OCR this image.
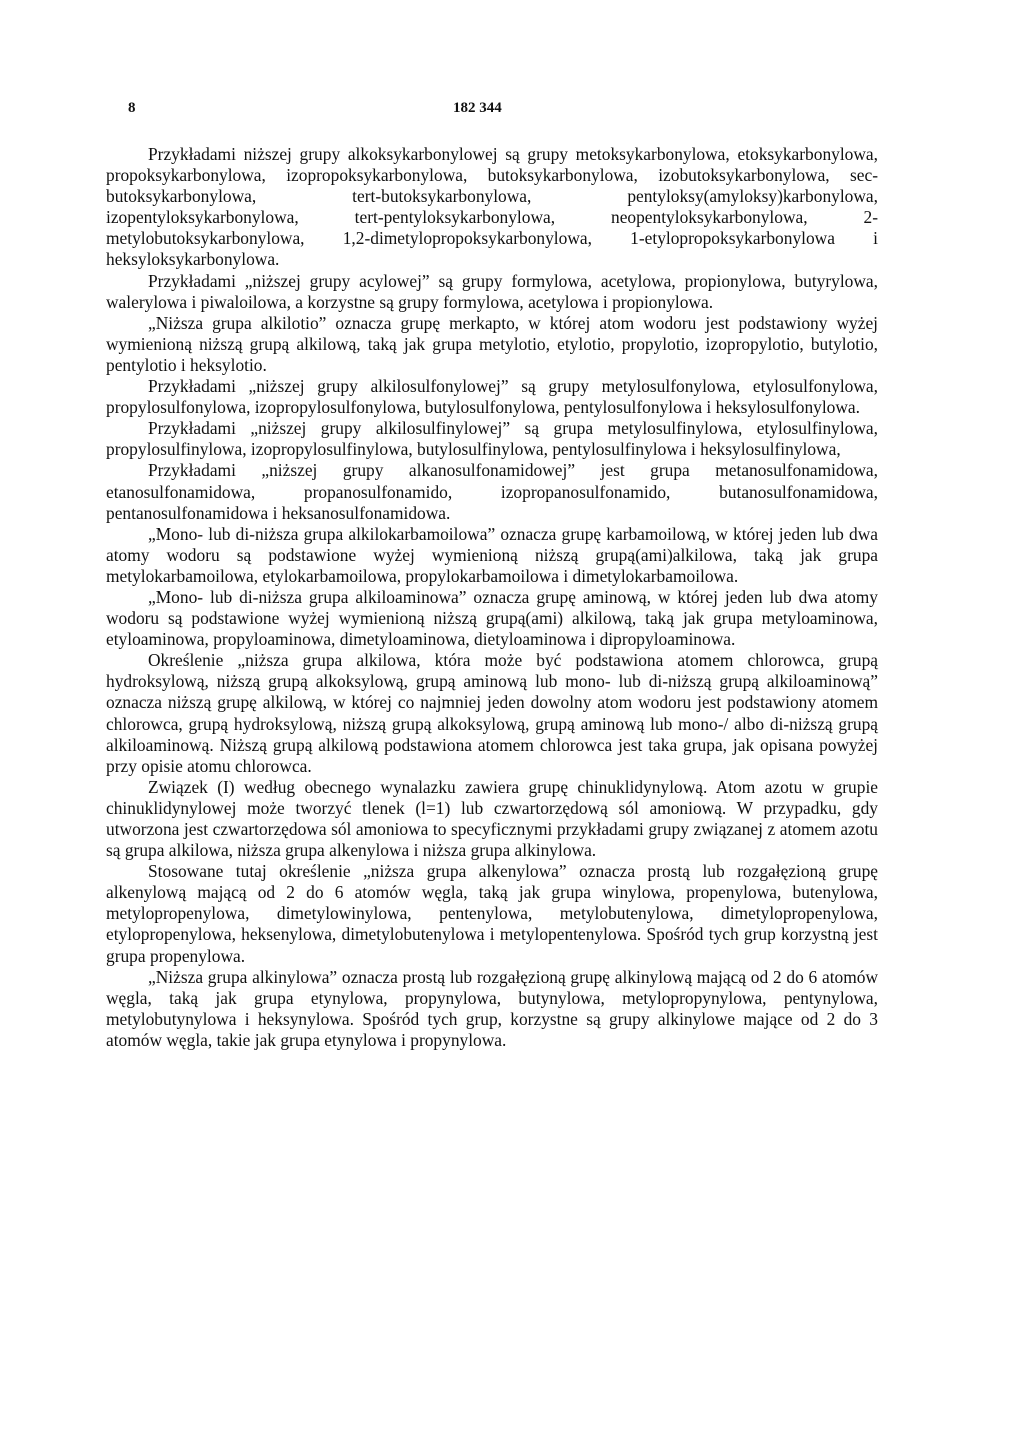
8	182 344

Przykładami niższej grupy alkoksykarbonylowej są grupy metoksykarbonylowa, etoksykarbonylowa, propoksykarbonylowa, izopropoksykarbonylowa, butoksykarbonylowa, izobutoksykarbonylowa, sec-butoksykarbonylowa, tert-butoksykarbonylowa, pentyloksy(amyloksy)karbonylowa, izopentyloksykarbonylowa, tert-pentyloksykarbonylowa, neopentyloksykarbonylowa, 2-metylobutoksykarbonylowa, 1,2-dimetylopropoksykarbonylowa, 1-etylopropoksykarbonylowa i heksyloksykarbonylowa.

Przykładami „niższej grupy acylowej” są grupy formylowa, acetylowa, propionylowa, butyrylowa, walerylowa i piwaloilowa, a korzystne są grupy formylowa, acetylowa i propionylowa.

„Niższa grupa alkilotio” oznacza grupę merkapto, w której atom wodoru jest podstawiony wyżej wymienioną niższą grupą alkilową, taką jak grupa metylotio, etylotio, propylotio, izopropylotio, butylotio, pentylotio i heksylotio.

Przykładami „niższej grupy alkilosulfonylowej” są grupy metylosulfonylowa, etylosulfonylowa, propylosulfonylowa, izopropylosulfonylowa, butylosulfonylowa, pentylosulfonylowa i heksylosulfonylowa.

Przykładami „niższej grupy alkilosulfinylowej” są grupa metylosulfinylowa, etylosulfinylowa, propylosulfinylowa, izopropylosulfinylowa, butylosulfinylowa, pentylosulfinylowa i heksylosulfinylowa,

Przykładami „niższej grupy alkanosulfonamidowej” jest grupa metanosulfonamidowa, etanosulfonamidowa, propanosulfonamido, izopropanosulfonamido, butanosulfonamidowa, pentanosulfonamidowa i heksanosulfonamidowa.

„Mono- lub di-niższa grupa alkilokarbamoilowa” oznacza grupę karbamoilową, w której jeden lub dwa atomy wodoru są podstawione wyżej wymienioną niższą grupą(ami)alkilowa, taką jak grupa metylokarbamoilowa, etylokarbamoilowa, propylokarbamoilowa i dimetylokarbamoilowa.

„Mono- lub di-niższa grupa alkiloaminowa” oznacza grupę aminową, w której jeden lub dwa atomy wodoru są podstawione wyżej wymienioną niższą grupą(ami) alkilową, taką jak grupa metyloaminowa, etyloaminowa, propyloaminowa, dimetyloaminowa, dietyloaminowa i dipropyloaminowa.

Określenie „niższa grupa alkilowa, która może być podstawiona atomem chlorowca, grupą hydroksylową, niższą grupą alkoksylową, grupą aminową lub mono- lub di-niższą grupą alkiloaminową” oznacza niższą grupę alkilową, w której co najmniej jeden dowolny atom wodoru jest podstawiony atomem chlorowca, grupą hydroksylową, niższą grupą alkoksylową, grupą aminową lub mono-/ albo di-niższą grupą alkiloaminową. Niższą grupą alkilową podstawiona atomem chlorowca jest taka grupa, jak opisana powyżej przy opisie atomu chlorowca.

Związek (I) według obecnego wynalazku zawiera grupę chinuklidynylową. Atom azotu w grupie chinuklidynylowej może tworzyć tlenek (l=1) lub czwartorzędową sól amoniową. W przypadku, gdy utworzona jest czwartorzędowa sól amoniowa to specyficznymi przykładami grupy związanej z atomem azotu są grupa alkilowa, niższa grupa alkenylowa i niższa grupa alkinylowa.

Stosowane tutaj określenie „niższa grupa alkenylowa” oznacza prostą lub rozgałęzioną grupę alkenylową mającą od 2 do 6 atomów węgla, taką jak grupa winylowa, propenylowa, butenylowa, metylopropenylowa, dimetylowinylowa, pentenylowa, metylobutenylowa, dimetylopropenylowa, etylopropenylowa, heksenylowa, dimetylobutenylowa i metylopentenylowa. Spośród tych grup korzystną jest grupa propenylowa.

„Niższa grupa alkinylowa” oznacza prostą lub rozgałęzioną grupę alkinylową mającą od 2 do 6 atomów węgla, taką jak grupa etynylowa, propynylowa, butynylowa, metylopropynylowa, pentynylowa, metylobutynylowa i heksynylowa. Spośród tych grup, korzystne są grupy alkinylowe mające od 2 do 3 atomów węgla, takie jak grupa etynylowa i propynylowa.
